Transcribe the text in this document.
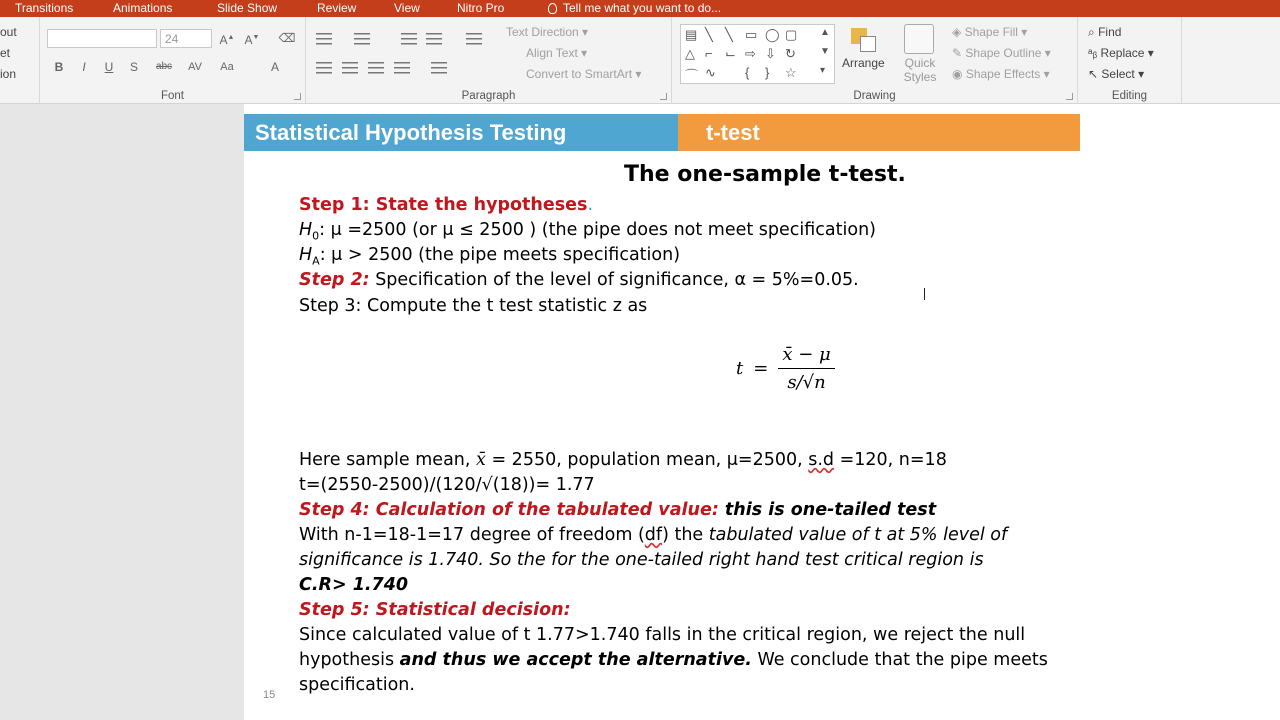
Transitions	Animations	Slide Show	Review	View	Nitro Pro	Tell me what you want to do...
out
et
ion
24	A▲ A▼ ⌫
B	I	U	S	abc	AV	Aa	A
Font
Text Direction ▾
Align Text ▾
Convert to SmartArt ▾
Paragraph
▤ ╲ ╲ ▭ ◯ ▢
△ ⌐ ⌙ ⇨ ⇩ ↻
⌒ ∿ { } ☆
▲
▼
▾
Arrange	Quick Styles
◈ Shape Fill ▾
✎ Shape Outline ▾
◉ Shape Effects ▾
Drawing
⌕ Find
ᵃᵦ Replace ▾
↖ Select ▾
Editing
Statistical Hypothesis Testing	t-test
The one-sample t-test.
Step 1: State the hypotheses.
$H_0$: μ =2500 (or μ ≤ 2500 ) (the pipe does not meet specification)
$H_A$: μ > 2500 (the pipe meets specification)
Step 2: Specification of the level of significance, α = 5%=0.05.
Step 3: Compute the t test statistic z as
$t = \frac{x̄ - \mu}{s/√n}$
Here sample mean, x̄ = 2550, population mean, μ=2500, s.d =120, n=18
t=(2550-2500)/(120/√(18))= 1.77
Step 4: Calculation of the tabulated value: this is one-tailed test
With n-1=18-1=17 degree of freedom (df) the tabulated value of t at 5% level of
significance is 1.740. So the for the one-tailed right hand test critical region is
C.R> 1.740
Step 5: Statistical decision:
Since calculated value of t 1.77>1.740 falls in the critical region, we reject the null
hypothesis and thus we accept the alternative. We conclude that the pipe meets
specification.
15
